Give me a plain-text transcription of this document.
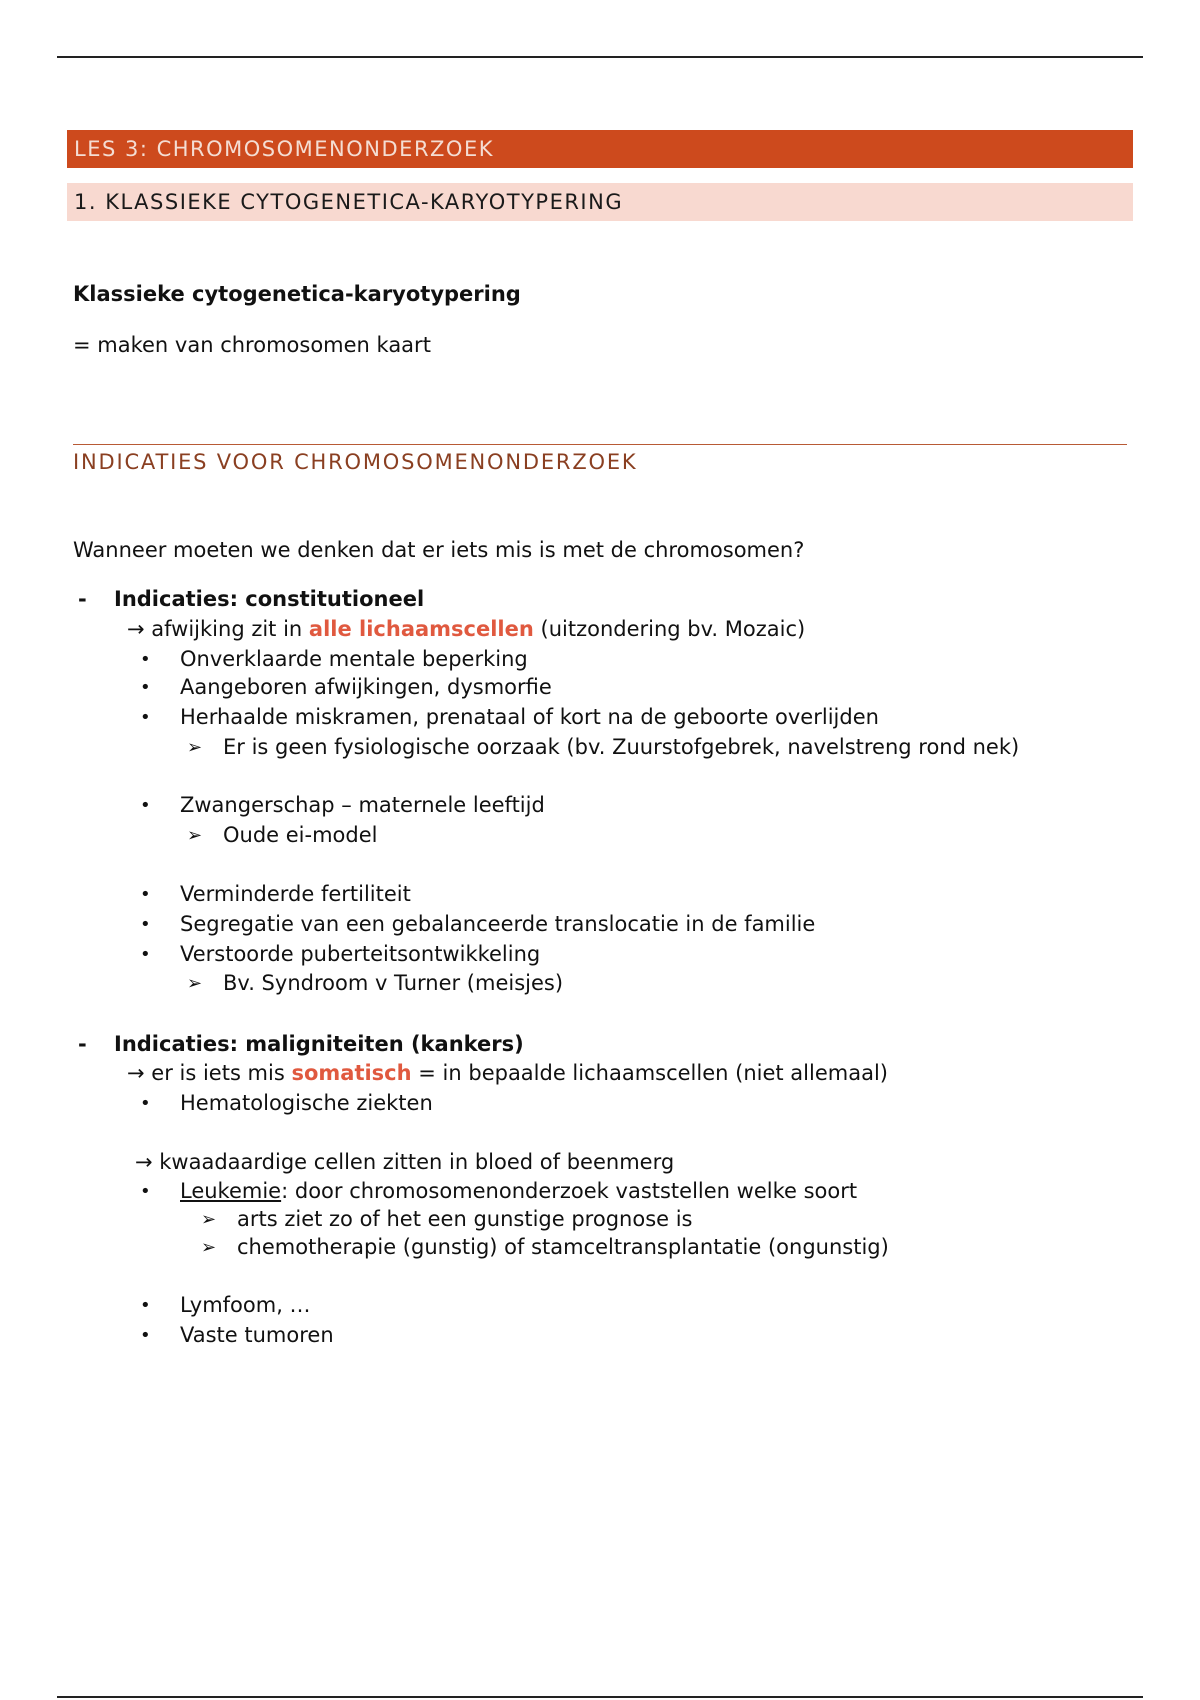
LES 3: CHROMOSOMENONDERZOEK
1. KLASSIEKE CYTOGENETICA-KARYOTYPERING
Klassieke cytogenetica-karyotypering
= maken van chromosomen kaart
INDICATIES VOOR CHROMOSOMENONDERZOEK
Wanneer moeten we denken dat er iets mis is met de chromosomen?
- Indicaties: constitutioneel
→ afwijking zit in alle lichaamscellen (uitzondering bv. Mozaic)
• Onverklaarde mentale beperking
• Aangeboren afwijkingen, dysmorfie
• Herhaalde miskramen, prenataal of kort na de geboorte overlijden
➢ Er is geen fysiologische oorzaak (bv. Zuurstofgebrek, navelstreng rond nek)
• Zwangerschap – maternele leeftijd
➢ Oude ei-model
• Verminderde fertiliteit
• Segregatie van een gebalanceerde translocatie in de familie
• Verstoorde puberteitsontwikkeling
➢ Bv. Syndroom v Turner (meisjes)
- Indicaties: maligniteiten (kankers)
→ er is iets mis somatisch = in bepaalde lichaamscellen (niet allemaal)
• Hematologische ziekten
→ kwaadaardige cellen zitten in bloed of beenmerg
• Leukemie: door chromosomenonderzoek vaststellen welke soort
➢ arts ziet zo of het een gunstige prognose is
➢ chemotherapie (gunstig) of stamceltransplantatie (ongunstig)
• Lymfoom, …
• Vaste tumoren
